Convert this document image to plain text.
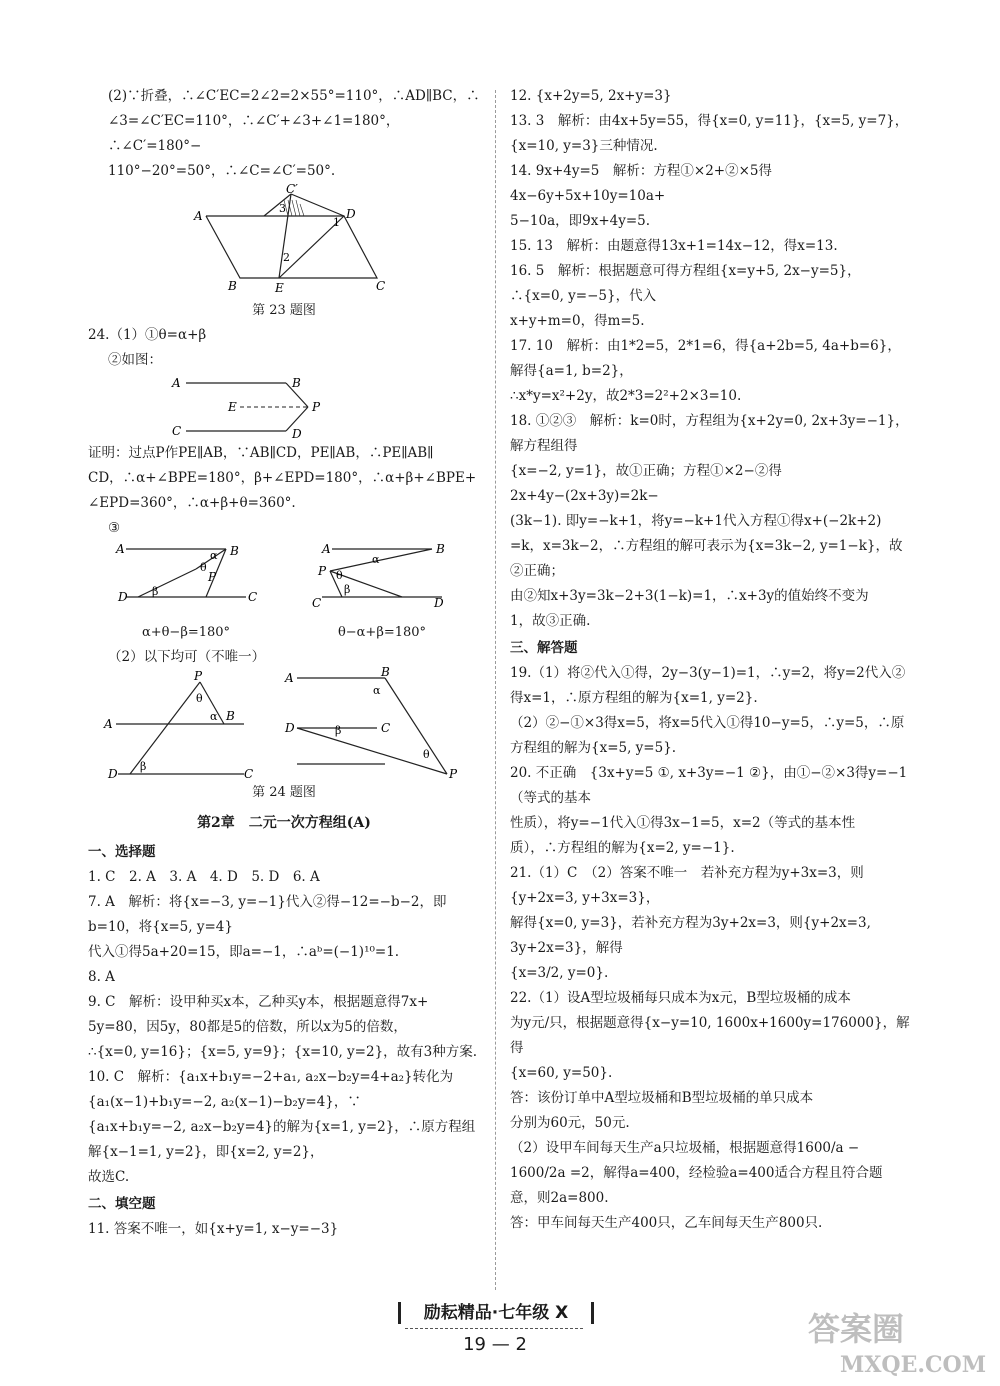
(2)∵折叠，∴∠C′EC=2∠2=2×55°=110°，∴AD∥BC，∴

∠3=∠C′EC=110°，∴∠C′+∠3+∠1=180°，∴∠C′=180°−

110°−20°=50°，∴∠C=∠C′=50°.

A	D
C′
B	E	C
3
1
2

第 23 题图

24.（1）①θ=α+β

②如图：

A	B
E	P
C	D

证明：过点P作PE∥AB，∵AB∥CD，PE∥AB，∴PE∥AB∥

CD，∴α+∠BPE=180°，β+∠EPD=180°，∴α+β+∠BPE+

∠EPD=360°，∴α+β+θ=360°.

③

A	B
P
D	C
α
θ
β
α+θ−β=180°
A	B
P
C	D
α
θ
β
θ−α+β=180°

（2）以下均可（不唯一）

P
A
B
D	C
θ
α
β
A	B
D	C
P
α
β
θ

第 24 题图

第2章　二元一次方程组(A)

一、选择题

1. C　2. A　3. A　4. D　5. D　6. A

7. A　解析：将{x=−3, y=−1}代入②得−12=−b−2，即b=10，将{x=5, y=4}

代入①得5a+20=15，即a=−1，∴aᵇ=(−1)¹⁰=1.

8. A

9. C　解析：设甲种买x本，乙种买y本，根据题意得7x+

5y=80，因5y，80都是5的倍数，所以x为5的倍数，

∴{x=0, y=16}；{x=5, y=9}；{x=10, y=2}，故有3种方案.

10. C　解析：{a₁x+b₁y=−2+a₁, a₂x−b₂y=4+a₂}转化为{a₁(x−1)+b₁y=−2, a₂(x−1)−b₂y=4}，∵

{a₁x+b₁y=−2, a₂x−b₂y=4}的解为{x=1, y=2}，∴原方程组解{x−1=1, y=2}，即{x=2, y=2}，

故选C.

二、填空题

11. 答案不唯一，如{x+y=1, x−y=−3}

12. {x+2y=5, 2x+y=3}

13. 3　解析：由4x+5y=55，得{x=0, y=11}，{x=5, y=7}，{x=10, y=3}三种情况.

14. 9x+4y=5　解析：方程①×2+②×5得4x−6y+5x+10y=10a+

5−10a，即9x+4y=5.

15. 13　解析：由题意得13x+1=14x−12，得x=13.

16. 5　解析：根据题意可得方程组{x=y+5, 2x−y=5}，∴{x=0, y=−5}，代入

x+y+m=0，得m=5.

17. 10　解析：由1*2=5，2*1=6，得{a+2b=5, 4a+b=6}，解得{a=1, b=2}，

∴x*y=x²+2y，故2*3=2²+2×3=10.

18. ①②③　解析：k=0时，方程组为{x+2y=0, 2x+3y=−1}，解方程组得

{x=−2, y=1}，故①正确；方程①×2−②得2x+4y−(2x+3y)=2k−

(3k−1). 即y=−k+1，将y=−k+1代入方程①得x+(−2k+2)

=k，x=3k−2，∴方程组的解可表示为{x=3k−2, y=1−k}，故②正确；

由②知x+3y=3k−2+3(1−k)=1，∴x+3y的值始终不变为

1，故③正确.

三、解答题

19.（1）将②代入①得，2y−3(y−1)=1，∴y=2，将y=2代入②

得x=1，∴原方程组的解为{x=1, y=2}.

（2）②−①×3得x=5，将x=5代入①得10−y=5，∴y=5，∴原

方程组的解为{x=5, y=5}.

20. 不正确　{3x+y=5 ①, x+3y=−1 ②}，由①−②×3得y=−1（等式的基本

性质），将y=−1代入①得3x−1=5，x=2（等式的基本性

质），∴方程组的解为{x=2, y=−1}.

21.（1）C　（2）答案不唯一　若补充方程为y+3x=3，则{y+2x=3, y+3x=3}，

解得{x=0, y=3}，若补充方程为3y+2x=3，则{y+2x=3, 3y+2x=3}，解得

{x=3/2, y=0}.

22.（1）设A型垃圾桶每只成本为x元，B型垃圾桶的成本

为y元/只，根据题意得{x−y=10, 1600x+1600y=176000}，解得

{x=60, y=50}.

答：该份订单中A型垃圾桶和B型垃圾桶的单只成本

分别为60元，50元.

（2）设甲车间每天生产a只垃圾桶，根据题意得1600/a −

1600/2a =2，解得a=400，经检验a=400适合方程且符合题

意，则2a=800.

答：甲车间每天生产400只，乙车间每天生产800只.

励耘精品·七年级 X
19 — 2	答案圈
MXQE.COM
